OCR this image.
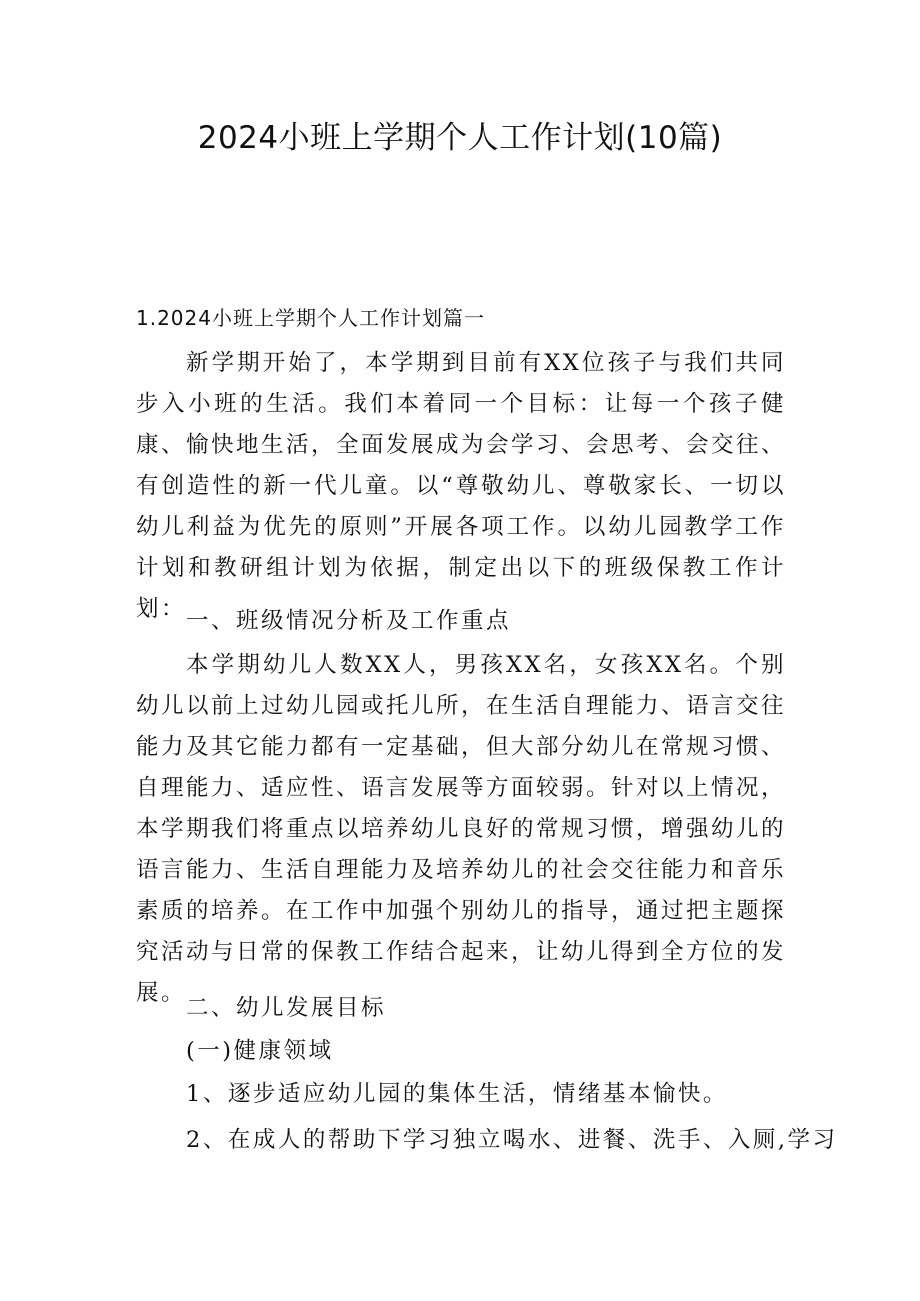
2024小班上学期个人工作计划(10篇)
1.2024小班上学期个人工作计划篇一
新学期开始了，本学期到目前有XX位孩子与我们共同步入小班的生活。我们本着同一个目标：让每一个孩子健康、愉快地生活，全面发展成为会学习、会思考、会交往、有创造性的新一代儿童。以“尊敬幼儿、尊敬家长、一切以幼儿利益为优先的原则”开展各项工作。以幼儿园教学工作计划和教研组计划为依据，制定出以下的班级保教工作计划： 一、班级情况分析及工作重点
本学期幼儿人数XX人，男孩XX名，女孩XX名。个别幼儿以前上过幼儿园或托儿所，在生活自理能力、语言交往能力及其它能力都有一定基础，但大部分幼儿在常规习惯、自理能力、适应性、语言发展等方面较弱。针对以上情况，本学期我们将重点以培养幼儿良好的常规习惯，增强幼儿的语言能力、生活自理能力及培养幼儿的社会交往能力和音乐素质的培养。在工作中加强个别幼儿的指导，通过把主题探究活动与日常的保教工作结合起来，让幼儿得到全方位的发展。
二、幼儿发展目标
(一)健康领域
1、逐步适应幼儿园的集体生活，情绪基本愉快。
2、在成人的帮助下学习独立喝水、进餐、洗手、入厕,学习
